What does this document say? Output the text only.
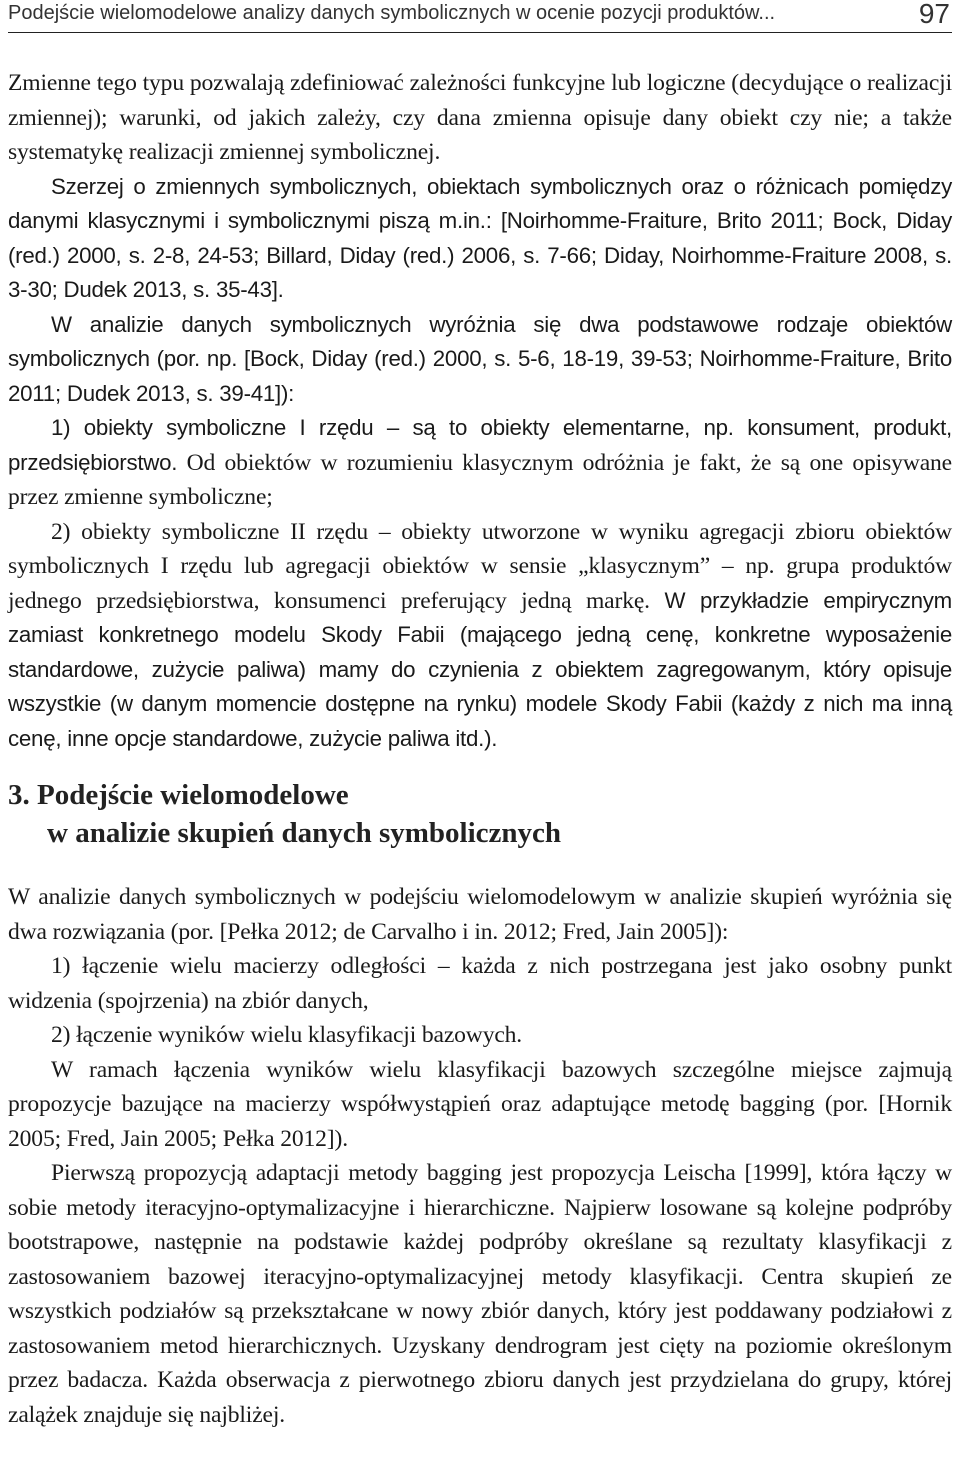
Podejście wielomodelowe analizy danych symbolicznych w ocenie pozycji produktów...	97

Zmienne tego typu pozwalają zdefiniować zależności funkcyjne lub logiczne (decydujące o realizacji zmiennej); warunki, od jakich zależy, czy dana zmienna opisuje dany obiekt czy nie; a także systematykę realizacji zmiennej symbolicznej.

Szerzej o zmiennych symbolicznych, obiektach symbolicznych oraz o różnicach pomiędzy danymi klasycznymi i symbolicznymi piszą m.in.: [Noirhomme-Fraiture, Brito 2011; Bock, Diday (red.) 2000, s. 2-8, 24-53; Billard, Diday (red.) 2006, s. 7-66; Diday, Noirhomme-Fraiture 2008, s. 3-30; Dudek 2013, s. 35-43].

W analizie danych symbolicznych wyróżnia się dwa podstawowe rodzaje obiektów symbolicznych (por. np. [Bock, Diday (red.) 2000, s. 5-6, 18-19, 39-53; Noirhomme-Fraiture, Brito 2011; Dudek 2013, s. 39-41]):

1) obiekty symboliczne I rzędu – są to obiekty elementarne, np. konsument, produkt, przedsiębiorstwo. Od obiektów w rozumieniu klasycznym odróżnia je fakt, że są one opisywane przez zmienne symboliczne;

2) obiekty symboliczne II rzędu – obiekty utworzone w wyniku agregacji zbioru obiektów symbolicznych I rzędu lub agregacji obiektów w sensie „klasycznym” – np. grupa produktów jednego przedsiębiorstwa, konsumenci preferujący jedną markę. W przykładzie empirycznym zamiast konkretnego modelu Skody Fabii (mającego jedną cenę, konkretne wyposażenie standardowe, zużycie paliwa) mamy do czynienia z obiektem zagregowanym, który opisuje wszystkie (w danym momencie dostępne na rynku) modele Skody Fabii (każdy z nich ma inną cenę, inne opcje standardowe, zużycie paliwa itd.).

3. Podejście wielomodelowe
w analizie skupień danych symbolicznych

W analizie danych symbolicznych w podejściu wielomodelowym w analizie skupień wyróżnia się dwa rozwiązania (por. [Pełka 2012; de Carvalho i in. 2012; Fred, Jain 2005]):

1) łączenie wielu macierzy odległości – każda z nich postrzegana jest jako osobny punkt widzenia (spojrzenia) na zbiór danych,

2) łączenie wyników wielu klasyfikacji bazowych.

W ramach łączenia wyników wielu klasyfikacji bazowych szczególne miejsce zajmują propozycje bazujące na macierzy współwystąpień oraz adaptujące metodę bagging (por. [Hornik 2005; Fred, Jain 2005; Pełka 2012]).

Pierwszą propozycją adaptacji metody bagging jest propozycja Leischa [1999], która łączy w sobie metody iteracyjno-optymalizacyjne i hierarchiczne. Najpierw losowane są kolejne podpróby bootstrapowe, następnie na podstawie każdej podpróby określane są rezultaty klasyfikacji z zastosowaniem bazowej iteracyjno-optymalizacyjnej metody klasyfikacji. Centra skupień ze wszystkich podziałów są przekształcane w nowy zbiór danych, który jest poddawany podziałowi z zastosowaniem metod hierarchicznych. Uzyskany dendrogram jest cięty na poziomie określonym przez badacza. Każda obserwacja z pierwotnego zbioru danych jest przydzielana do grupy, której zalążek znajduje się najbliżej.
